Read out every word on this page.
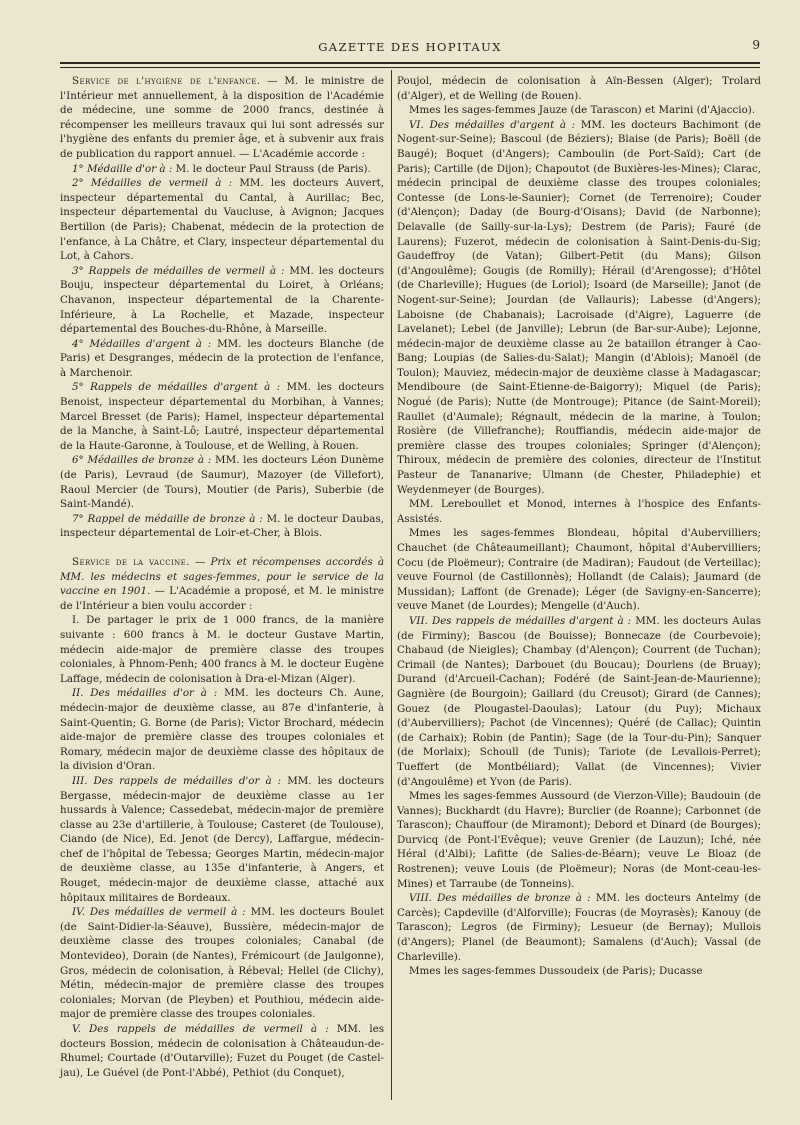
GAZETTE DES HOPITAUX	9

Service de l'hygiène de l'enfance. — M. le ministre de l'Intérieur met annuellement, à la disposition de l'Académie de médecine, une somme de 2000 francs, destinée à récompenser les meilleurs travaux qui lui sont adressés sur l'hygiène des enfants du premier âge, et à subvenir aux frais de publication du rapport annuel. — L'Académie accorde :

1° Médaille d'or à : M. le docteur Paul Strauss (de Paris).

2° Médailles de vermeil à : MM. les docteurs Auvert, inspecteur départemental du Cantal, à Aurillac; Bec, inspecteur départemental du Vaucluse, à Avignon; Jacques Bertillon (de Paris); Chabenat, médecin de la protection de l'enfance, à La Châtre, et Clary, inspecteur départemental du Lot, à Cahors.

3° Rappels de médailles de vermeil à : MM. les docteurs Bouju, inspecteur départemental du Loiret, à Orléans; Chavanon, inspecteur départemental de la Charente-Inférieure, à La Rochelle, et Mazade, inspecteur départemental des Bouches-du-Rhône, à Marseille.

4° Médailles d'argent à : MM. les docteurs Blanche (de Paris) et Desgranges, médecin de la protection de l'enfance, à Marchenoir.

5° Rappels de médailles d'argent à : MM. les docteurs Benoist, inspecteur départemental du Morbihan, à Vannes; Marcel Bresset (de Paris); Hamel, inspecteur départemental de la Manche, à Saint-Lô; Lautré, inspecteur départemental de la Haute-Garonne, à Toulouse, et de Welling, à Rouen.

6° Médailles de bronze à : MM. les docteurs Léon Dunème (de Paris), Levraud (de Saumur), Mazoyer (de Villefort), Raoul Mercier (de Tours), Moutier (de Paris), Suberbie (de Saint-Mandé).

7° Rappel de médaille de bronze à : M. le docteur Daubas, inspecteur départemental de Loir-et-Cher, à Blois.

Service de la vaccine. — Prix et récompenses accordés à MM. les médecins et sages-femmes, pour le service de la vaccine en 1901. — L'Académie a proposé, et M. le ministre de l'Intérieur a bien voulu accorder :

I. De partager le prix de 1 000 francs, de la manière suivante : 600 francs à M. le docteur Gustave Martin, médecin aide-major de première classe des troupes coloniales, à Phnom-Penh; 400 francs à M. le docteur Eugène Laffage, médecin de colonisation à Dra-el-Mizan (Alger).

II. Des médailles d'or à : MM. les docteurs Ch. Aune, médecin-major de deuxième classe, au 87e d'infanterie, à Saint-Quentin; G. Borne (de Paris); Victor Brochard, médecin aide-major de première classe des troupes coloniales et Romary, médecin major de deuxième classe des hôpitaux de la division d'Oran.

III. Des rappels de médailles d'or à : MM. les docteurs Bergasse, médecin-major de deuxième classe au 1er hussards à Valence; Cassedebat, médecin-major de première classe au 23e d'artillerie, à Toulouse; Casteret (de Toulouse), Ciando (de Nice), Ed. Jenot (de Dercy), Laffargue, médecin-chef de l'hôpital de Tebessa; Georges Martin, médecin-major de deuxième classe, au 135e d'infanterie, à Angers, et Rouget, médecin-major de deuxième classe, attaché aux hôpitaux militaires de Bordeaux.

IV. Des médailles de vermeil à : MM. les docteurs Boulet (de Saint-Didier-la-Séauve), Bussière, médecin-major de deuxième classe des troupes coloniales; Canabal (de Montevideo), Dorain (de Nantes), Frémicourt (de Jaulgonne), Gros, médecin de colonisation, à Rébeval; Hellel (de Clichy), Métin, médecin-major de première classe des troupes coloniales; Morvan (de Pleyben) et Pouthiou, médecin aide-major de première classe des troupes coloniales.

V. Des rappels de médailles de vermeil à : MM. les docteurs Bossion, médecin de colonisation à Châteaudun-de-Rhumel; Courtade (d'Outarville); Fuzet du Pouget (de Castel-jau), Le Guével (de Pont-l'Abbé), Pethiot (du Conquet),

Poujol, médecin de colonisation à Aïn-Bessen (Alger); Trolard (d'Alger), et de Welling (de Rouen).

Mmes les sages-femmes Jauze (de Tarascon) et Marini (d'Ajaccio).

VI. Des médailles d'argent à : MM. les docteurs Bachimont (de Nogent-sur-Seine); Bascoul (de Béziers); Blaise (de Paris); Boëll (de Baugé); Boquet (d'Angers); Camboulin (de Port-Saïd); Cart (de Paris); Cartille (de Dijon); Chapoutot (de Buxières-les-Mines); Clarac, médecin principal de deuxième classe des troupes coloniales; Contesse (de Lons-le-Saunier); Cornet (de Terrenoire); Couder (d'Alençon); Daday (de Bourg-d'Oisans); David (de Narbonne); Delavalle (de Sailly-sur-la-Lys); Destrem (de Paris); Fauré (de Laurens); Fuzerot, médecin de colonisation à Saint-Denis-du-Sig; Gaudeffroy (de Vatan); Gilbert-Petit (du Mans); Gilson (d'Angoulême); Gougis (de Romilly); Hérail (d'Arengosse); d'Hôtel (de Charleville); Hugues (de Loriol); Isoard (de Marseille); Janot (de Nogent-sur-Seine); Jourdan (de Vallauris); Labesse (d'Angers); Laboisne (de Chabanais); Lacroisade (d'Aigre), Laguerre (de Lavelanet); Lebel (de Janville); Lebrun (de Bar-sur-Aube); Lejonne, médecin-major de deuxième classe au 2e bataillon étranger à Cao-Bang; Loupias (de Salies-du-Salat); Mangin (d'Ablois); Manoël (de Toulon); Mauviez, médecin-major de deuxième classe à Madagascar; Mendiboure (de Saint-Etienne-de-Baigorry); Miquel (de Paris); Nogué (de Paris); Nutte (de Montrouge); Pitance (de Saint-Moreil); Raullet (d'Aumale); Régnault, médecin de la marine, à Toulon; Rosière (de Villefranche); Rouffiandis, médecin aide-major de première classe des troupes coloniales; Springer (d'Alençon); Thiroux, médecin de première des colonies, directeur de l'Institut Pasteur de Tananarive; Ulmann (de Chester, Philadephie) et Weydenmeyer (de Bourges).

MM. Lereboullet et Monod, internes à l'hospice des Enfants-Assistés.

Mmes les sages-femmes Blondeau, hôpital d'Aubervilliers; Chauchet (de Châteaumeillant); Chaumont, hôpital d'Aubervilliers; Cocu (de Ploëmeur); Contraire (de Madiran); Faudout (de Verteillac); veuve Fournol (de Castillonnès); Hollandt (de Calais); Jaumard (de Mussidan); Laffont (de Grenade); Léger (de Savigny-en-Sancerre); veuve Manet (de Lourdes); Mengelle (d'Auch).

VII. Des rappels de médailles d'argent à : MM. les docteurs Aulas (de Firminy); Bascou (de Bouisse); Bonnecaze (de Courbevoie); Chabaud (de Nieigles); Chambay (d'Alençon); Courrent (de Tuchan); Crimail (de Nantes); Darbouet (du Boucau); Dourlens (de Bruay); Durand (d'Arcueil-Cachan); Fodéré (de Saint-Jean-de-Maurienne); Gagnière (de Bourgoin); Gaillard (du Creusot); Girard (de Cannes); Gouez (de Plougastel-Daoulas); Latour (du Puy); Michaux (d'Aubervilliers); Pachot (de Vincennes); Quéré (de Callac); Quintin (de Carhaix); Robin (de Pantin); Sage (de la Tour-du-Pin); Sanquer (de Morlaix); Schoull (de Tunis); Tariote (de Levallois-Perret); Tueffert (de Montbéliard); Vallat (de Vincennes); Vivier (d'Angoulême) et Yvon (de Paris).

Mmes les sages-femmes Aussourd (de Vierzon-Ville); Baudouin (de Vannes); Buckhardt (du Havre); Burclier (de Roanne); Carbonnet (de Tarascon); Chauffour (de Miramont); Debord et Dinard (de Bourges); Durvicq (de Pont-l'Evêque); veuve Grenier (de Lauzun); Iché, née Héral (d'Albi); Lafitte (de Salies-de-Béarn); veuve Le Bloaz (de Rostrenen); veuve Louis (de Ploëmeur); Noras (de Mont-ceau-les-Mines) et Tarraube (de Tonneins).

VIII. Des médailles de bronze à : MM. les docteurs Antelmy (de Carcès); Capdeville (d'Alforville); Foucras (de Moyrasès); Kanouy (de Tarascon); Legros (de Firminy); Lesueur (de Bernay); Mullois (d'Angers); Planel (de Beaumont); Samalens (d'Auch); Vassal (de Charleville).

Mmes les sages-femmes Dussoudeix (de Paris); Ducasse
